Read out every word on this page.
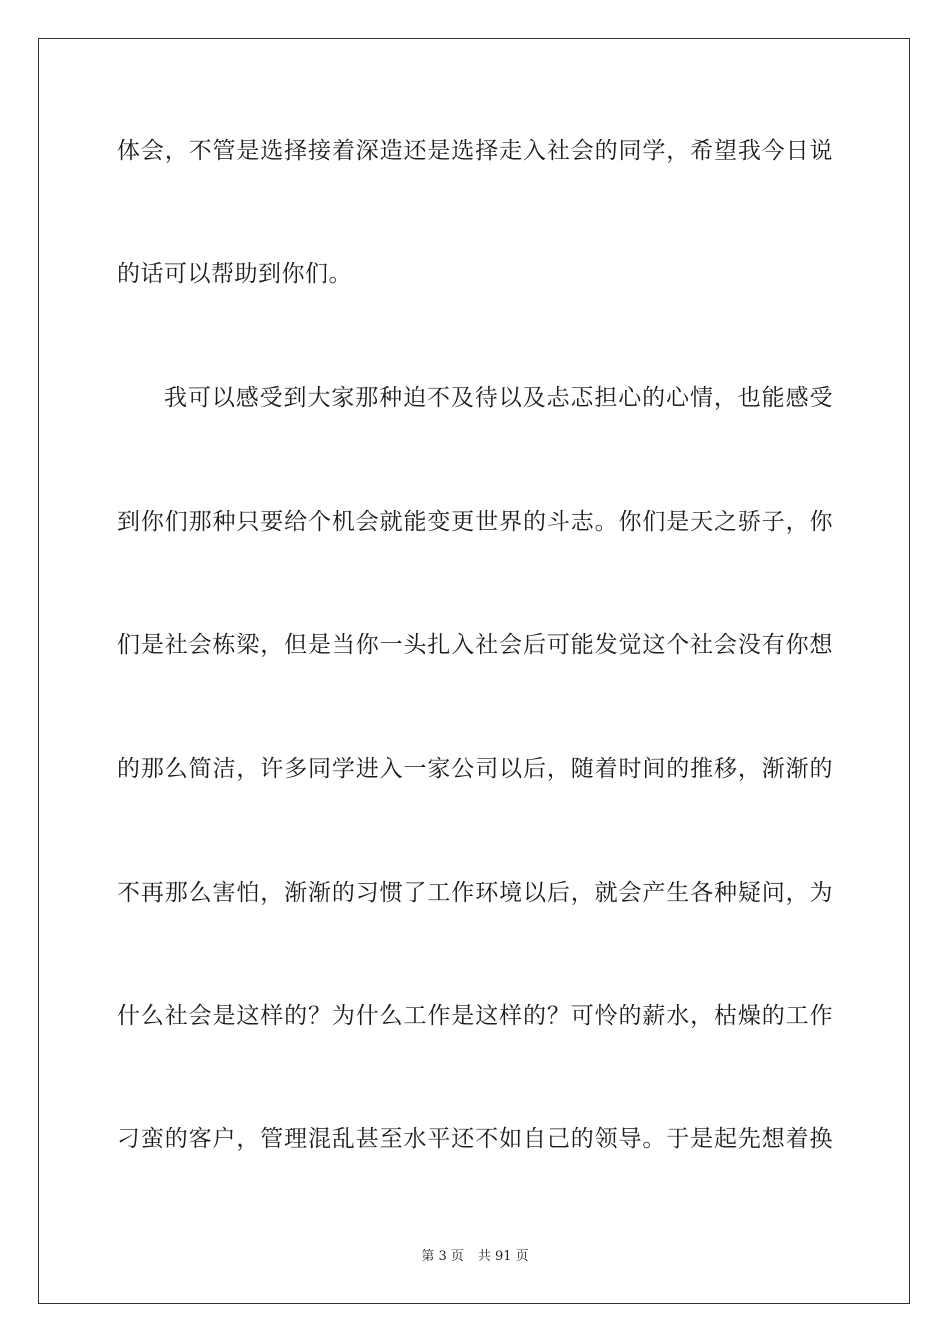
体会，不管是选择接着深造还是选择走入社会的同学，希望我今日说
的话可以帮助到你们。
我可以感受到大家那种迫不及待以及忐忑担心的心情，也能感受
到你们那种只要给个机会就能变更世界的斗志。你们是天之骄子，你
们是社会栋梁，但是当你一头扎入社会后可能发觉这个社会没有你想
的那么简洁，许多同学进入一家公司以后，随着时间的推移，渐渐的
不再那么害怕，渐渐的习惯了工作环境以后，就会产生各种疑问，为
什么社会是这样的？为什么工作是这样的？可怜的薪水，枯燥的工作
刁蛮的客户，管理混乱甚至水平还不如自己的领导。于是起先想着换
第 3 页 共 91 页
